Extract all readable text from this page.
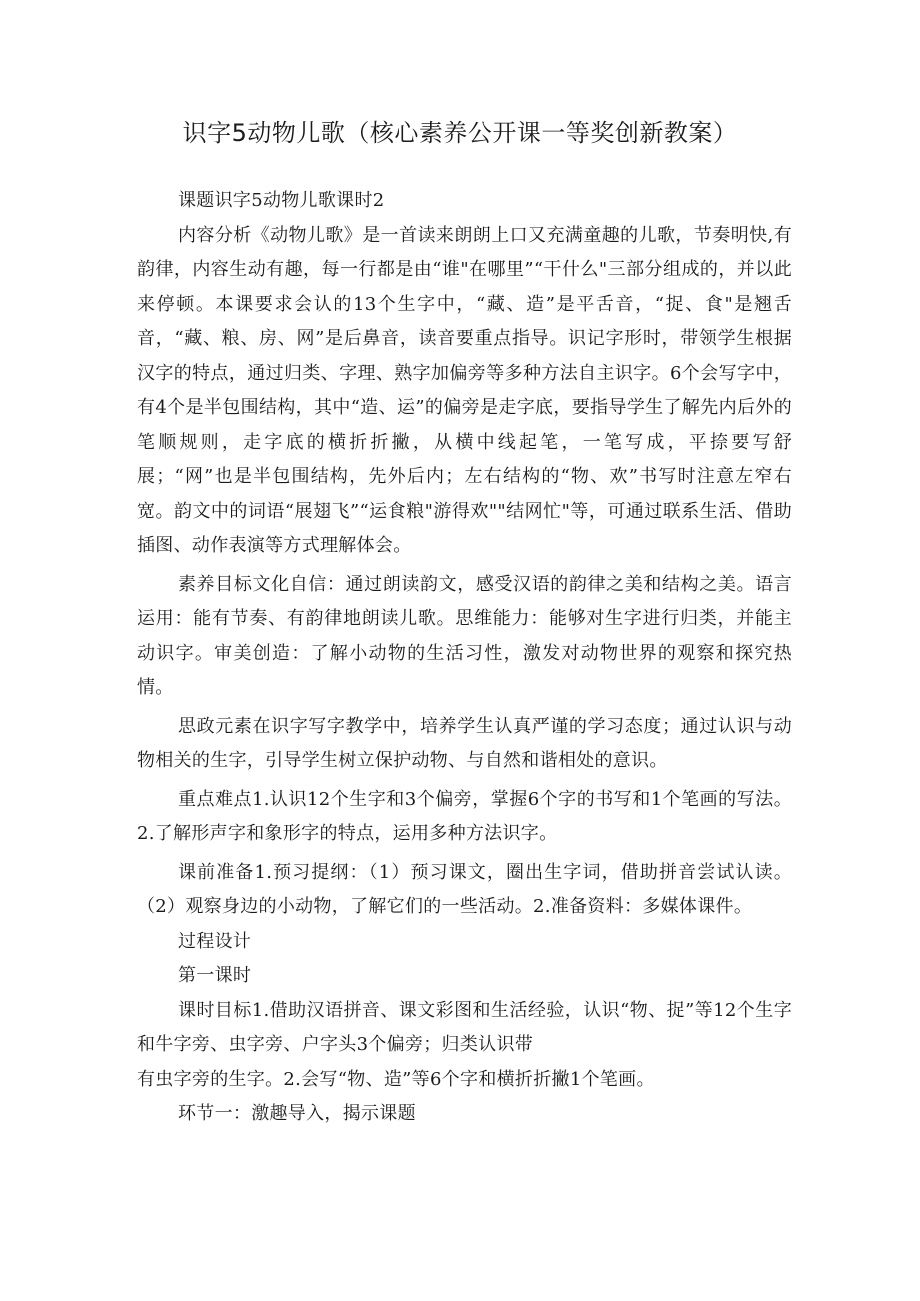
识字5动物儿歌（核心素养公开课一等奖创新教案）

课题识字5动物儿歌课时2

内容分析《动物儿歌》是一首读来朗朗上口又充满童趣的儿歌，节奏明快,有韵律，内容生动有趣，每一行都是由“谁"在哪里”“干什么"三部分组成的，并以此来停顿。本课要求会认的13个生字中，“藏、造”是平舌音，“捉、食"是翘舌音，“藏、粮、房、网”是后鼻音，读音要重点指导。识记字形时，带领学生根据汉字的特点，通过归类、字理、熟字加偏旁等多种方法自主识字。6个会写字中，有4个是半包围结构，其中“造、运”的偏旁是走字底，要指导学生了解先内后外的笔顺规则，走字底的横折折撇，从横中线起笔，一笔写成，平捺要写舒展；“网”也是半包围结构，先外后内；左右结构的“物、欢”书写时注意左窄右宽。韵文中的词语“展翅飞”“运食粮"游得欢""结网忙"等，可通过联系生活、借助插图、动作表演等方式理解体会。

素养目标文化自信：通过朗读韵文，感受汉语的韵律之美和结构之美。语言运用：能有节奏、有韵律地朗读儿歌。思维能力：能够对生字进行归类，并能主动识字。审美创造：了解小动物的生活习性，激发对动物世界的观察和探究热情。

思政元素在识字写字教学中，培养学生认真严谨的学习态度；通过认识与动物相关的生字，引导学生树立保护动物、与自然和谐相处的意识。

重点难点1.认识12个生字和3个偏旁，掌握6个字的书写和1个笔画的写法。2.了解形声字和象形字的特点，运用多种方法识字。

课前准备1.预习提纲：（1）预习课文，圈出生字词，借助拼音尝试认读。（2）观察身边的小动物，了解它们的一些活动。2.准备资料：多媒体课件。

过程设计

第一课时

课时目标1.借助汉语拼音、课文彩图和生活经验，认识“物、捉”等12个生字和牛字旁、虫字旁、户字头3个偏旁；归类认识带

有虫字旁的生字。2.会写“物、造”等6个字和横折折撇1个笔画。

环节一：激趣导入，揭示课题
